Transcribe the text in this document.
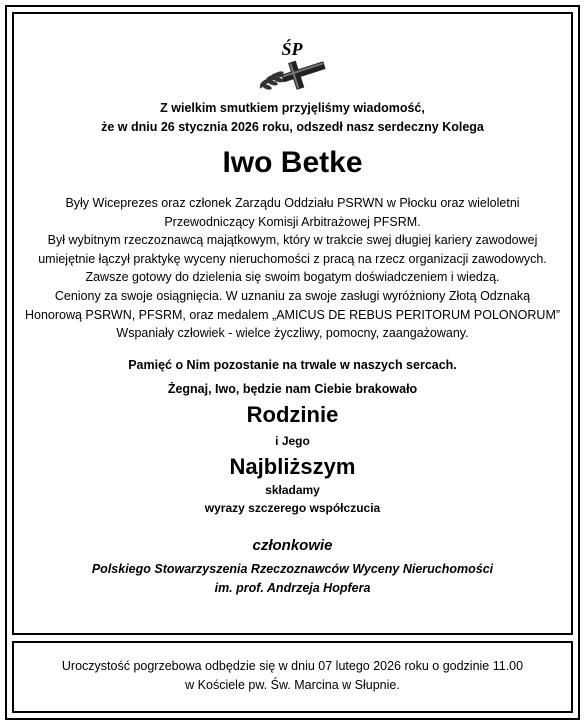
ŚP
Z wielkim smutkiem przyjęliśmy wiadomość,
że w dniu 26 stycznia 2026 roku, odszedł nasz serdeczny Kolega
Iwo Betke
Były Wiceprezes oraz członek Zarządu Oddziału PSRWN w Płocku oraz wieloletni
Przewodniczący Komisji Arbitrażowej PFSRM.
Był wybitnym rzeczoznawcą majątkowym, który w trakcie swej długiej kariery zawodowej
umiejętnie łączył praktykę wyceny nieruchomości z pracą na rzecz organizacji zawodowych.
Zawsze gotowy do dzielenia się swoim bogatym doświadczeniem i wiedzą.
Ceniony za swoje osiągnięcia. W uznaniu za swoje zasługi wyróżniony Złotą Odznaką
Honorową PSRWN, PFSRM, oraz medalem „AMICUS DE REBUS PERITORUM POLONORUM”
Wspaniały człowiek - wielce życzliwy, pomocny, zaangażowany.
Pamięć o Nim pozostanie na trwale w naszych sercach.
Żegnaj, Iwo, będzie nam Ciebie brakowało
Rodzinie
i Jego
Najbliższym
składamy
wyrazy szczerego współczucia
członkowie
Polskiego Stowarzyszenia Rzeczoznawców Wyceny Nieruchomości
im. prof. Andrzeja Hopfera
Uroczystość pogrzebowa odbędzie się w dniu 07 lutego 2026 roku o godzinie 11.00
w Kościele pw. Św. Marcina w Słupnie.
